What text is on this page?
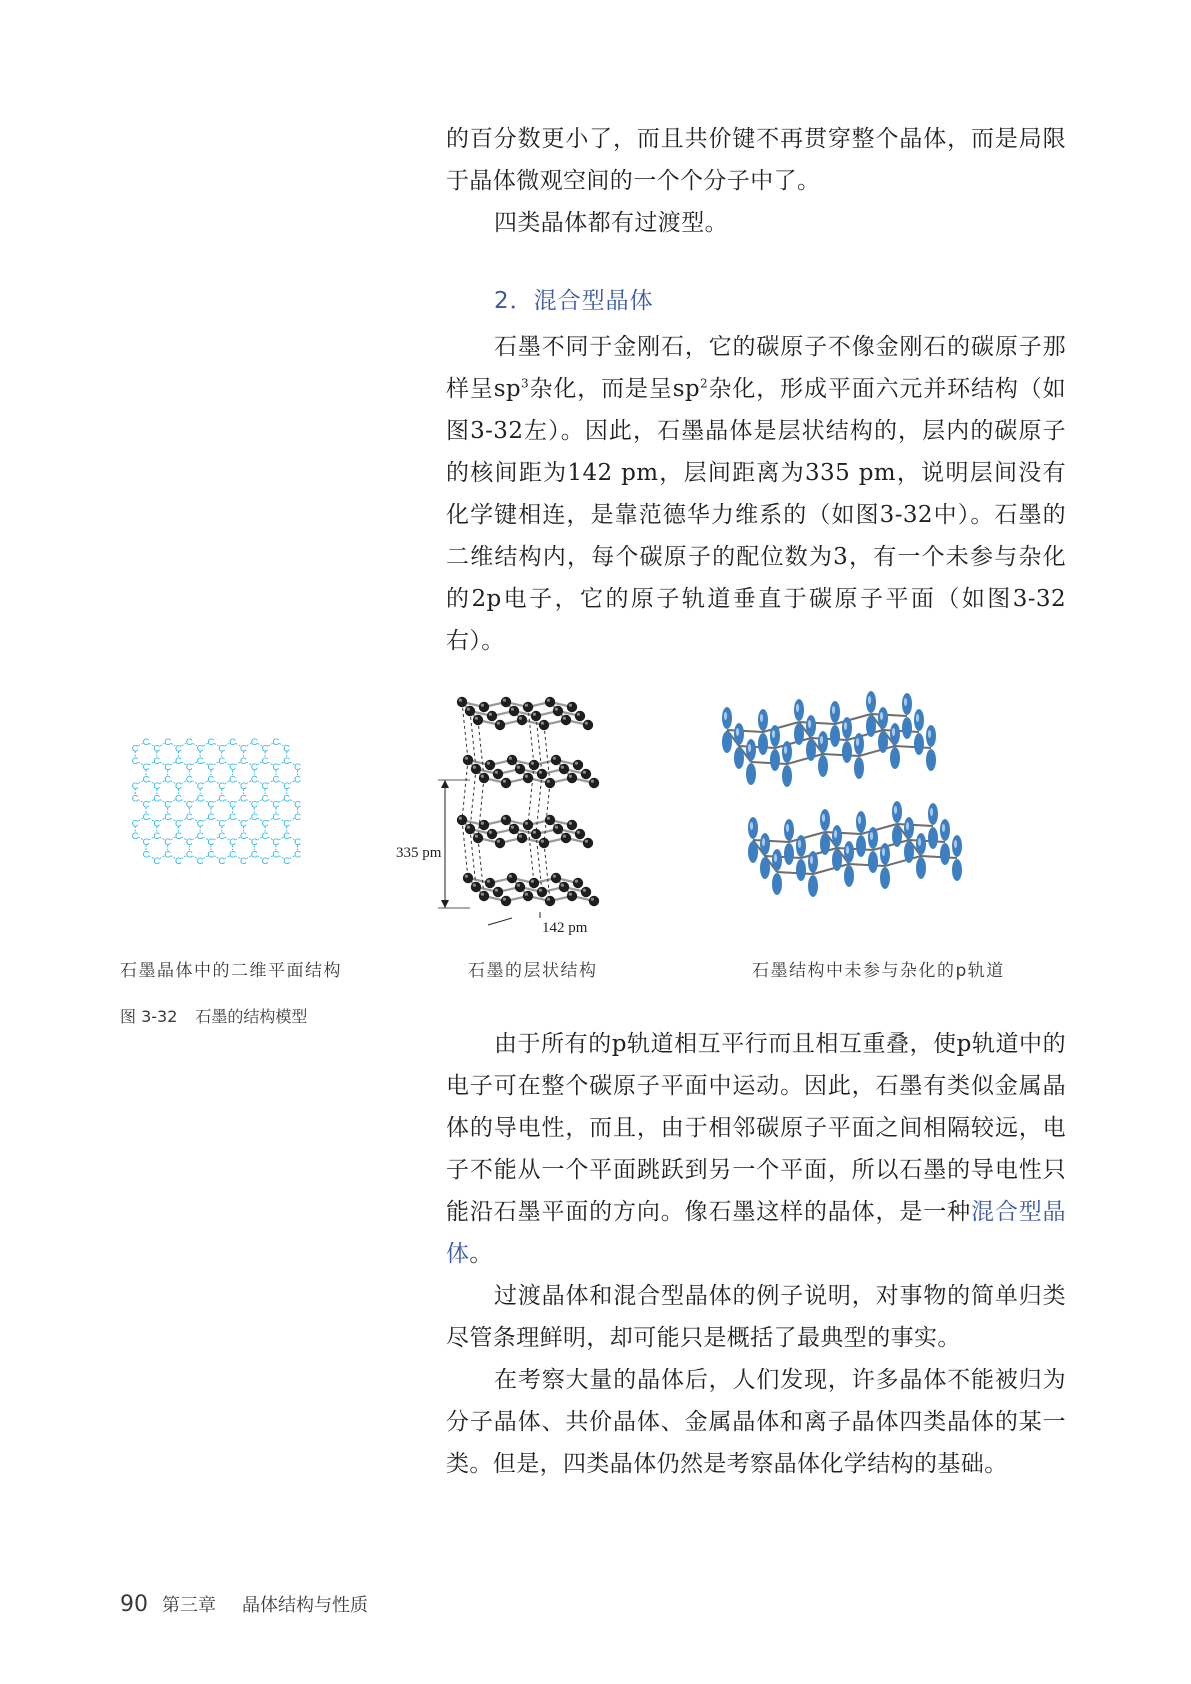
的百分数更小了，而且共价键不再贯穿整个晶体，而是局限于晶体微观空间的一个个分子中了。

四类晶体都有过渡型。

2．混合型晶体

石墨不同于金刚石，它的碳原子不像金刚石的碳原子那样呈$sp^3$杂化，而是呈$sp^2$杂化，形成平面六元并环结构（如图3-32左）。因此，石墨晶体是层状结构的，层内的碳原子的核间距为142 pm，层间距离为335 pm，说明层间没有化学键相连，是靠范德华力维系的（如图3-32中）。石墨的二维结构内，每个碳原子的配位数为3，有一个未参与杂化的2p电子，它的原子轨道垂直于碳原子平面（如图3-32右）。

C
C
C
C
C
C
C
C
C
C
C
C
C
C
C
C
C
C
C
C
C
C
C
C
C
C
C
C
C
C
C
C
C	C
C
C
C
C
C
C
C
C
C
C
C
C
C
C
C
C
C
C
C
C
C
C
C
C
C
C
C
C
C
C
C	C
C
C
C
C
C
C
C
C
C
C
C
C
C
C
C
C
C
C
C
C
C
C
C
C
C
C
C
C
C
C
C	C
C
C
C
C
C
C
C
C
C
C
C
C
335 pm
142 pm
石墨晶体中的二维平面结构	石墨的层状结构	石墨结构中未参与杂化的p轨道
图 3-32 石墨的结构模型

由于所有的p轨道相互平行而且相互重叠，使p轨道中的电子可在整个碳原子平面中运动。因此，石墨有类似金属晶体的导电性，而且，由于相邻碳原子平面之间相隔较远，电子不能从一个平面跳跃到另一个平面，所以石墨的导电性只能沿石墨平面的方向。像石墨这样的晶体，是一种混合型晶体。

过渡晶体和混合型晶体的例子说明，对事物的简单归类尽管条理鲜明，却可能只是概括了最典型的事实。

在考察大量的晶体后，人们发现，许多晶体不能被归为分子晶体、共价晶体、金属晶体和离子晶体四类晶体的某一类。但是，四类晶体仍然是考察晶体化学结构的基础。

90 第三章 晶体结构与性质
